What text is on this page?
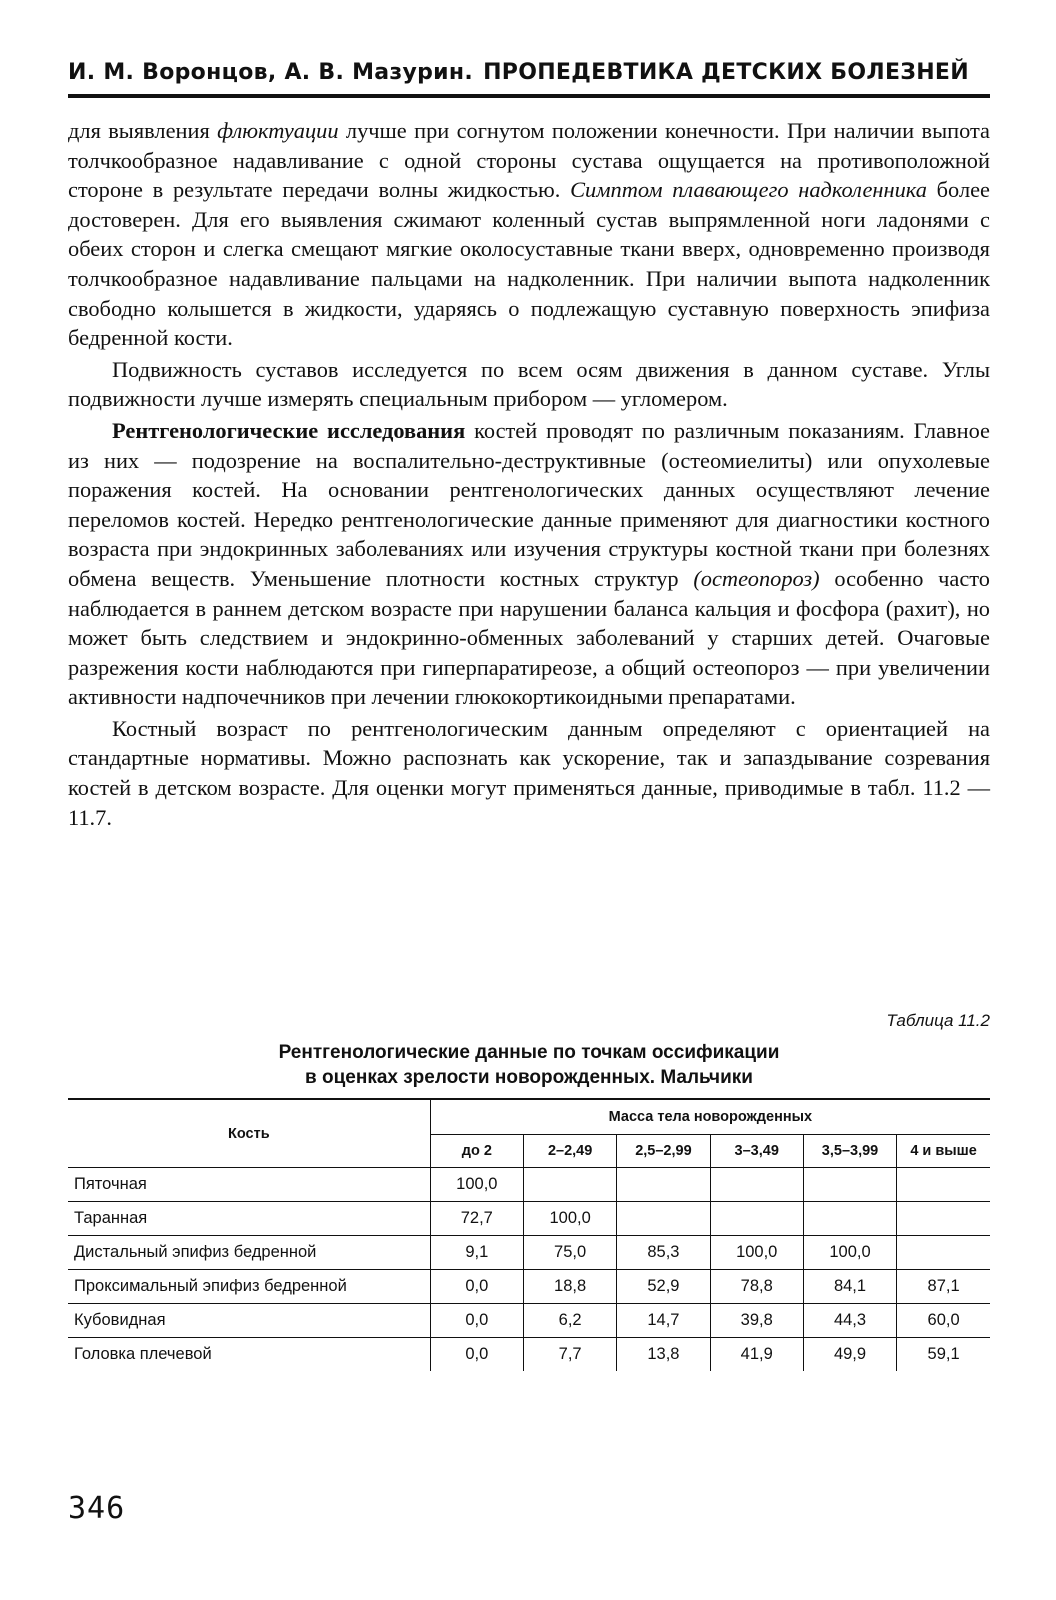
И. М. Воронцов, А. В. Мазурин. ПРОПЕДЕВТИКА ДЕТСКИХ БОЛЕЗНЕЙ

для выявления флюктуации лучше при согнутом положении конечности. При наличии выпота толчкообразное надавливание с одной стороны сустава ощущается на противоположной стороне в результате передачи волны жидкостью. Симптом плавающего надколенника более достоверен. Для его выявления сжимают коленный сустав выпрямленной ноги ладонями с обеих сторон и слегка смещают мягкие околосуставные ткани вверх, одновременно производя толчкообразное надавливание пальцами на надколенник. При наличии выпота надколенник свободно колышется в жидкости, ударяясь о подлежащую суставную поверхность эпифиза бедренной кости.

Подвижность суставов исследуется по всем осям движения в данном суставе. Углы подвижности лучше измерять специальным прибором — угломером.

Рентгенологические исследования костей проводят по различным показаниям. Главное из них — подозрение на воспалительно-деструктивные (остеомиелиты) или опухолевые поражения костей. На основании рентгенологических данных осуществляют лечение переломов костей. Нередко рентгенологические данные применяют для диагностики костного возраста при эндокринных заболеваниях или изучения структуры костной ткани при болезнях обмена веществ. Уменьшение плотности костных структур (остеопороз) особенно часто наблюдается в раннем детском возрасте при нарушении баланса кальция и фосфора (рахит), но может быть следствием и эндокринно-обменных заболеваний у старших детей. Очаговые разрежения кости наблюдаются при гиперпаратиреозе, а общий остеопороз — при увеличении активности надпочечников при лечении глюкокортикоидными препаратами.

Костный возраст по рентгенологическим данным определяют с ориентацией на стандартные нормативы. Можно распознать как ускорение, так и запаздывание созревания костей в детском возрасте. Для оценки могут применяться данные, приводимые в табл. 11.2 — 11.7.

Таблица 11.2
Рентгенологические данные по точкам оссификации
в оценках зрелости новорожденных. Мальчики
Кость	Масса тела новорожденных					
	до 2	2–2,49	2,5–2,99	3–3,49	3,5–3,99	4 и выше
Пяточная	100,0					
Таранная	72,7	100,0				
Дистальный эпифиз бедренной	9,1	75,0	85,3	100,0	100,0	
Проксимальный эпифиз бедренной	0,0	18,8	52,9	78,8	84,1	87,1
Кубовидная	0,0	6,2	14,7	39,8	44,3	60,0
Головка плечевой	0,0	7,7	13,8	41,9	49,9	59,1
346
